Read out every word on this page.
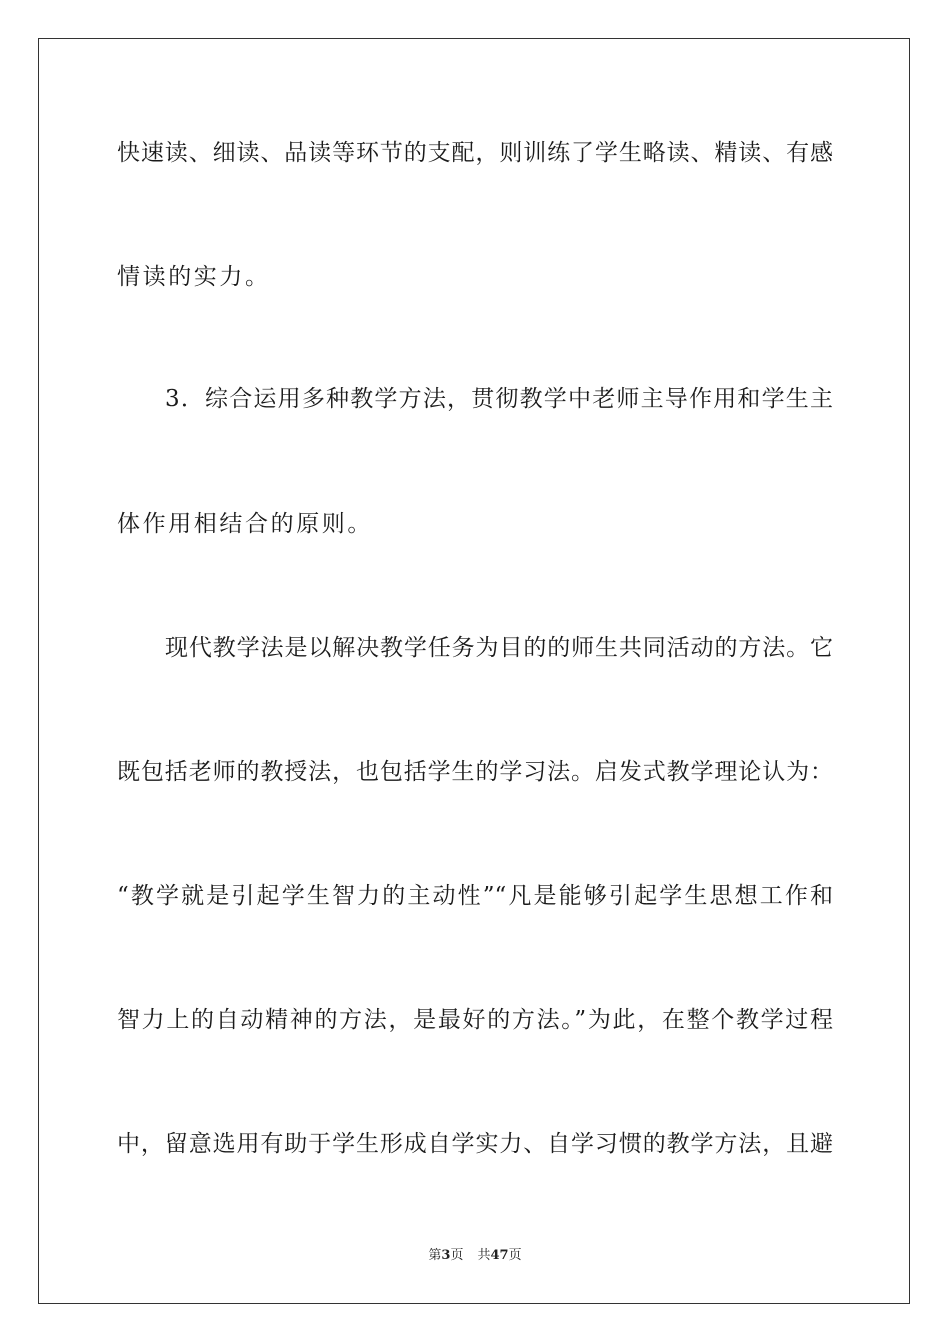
快速读、细读、品读等环节的支配，则训练了学生略读、精读、有感
情读的实力。
3．综合运用多种教学方法，贯彻教学中老师主导作用和学生主
体作用相结合的原则。
现代教学法是以解决教学任务为目的的师生共同活动的方法。它
既包括老师的教授法，也包括学生的学习法。启发式教学理论认为：
“教学就是引起学生智力的主动性”“凡是能够引起学生思想工作和
智力上的自动精神的方法，是最好的方法。”为此，在整个教学过程
中，留意选用有助于学生形成自学实力、自学习惯的教学方法，且避
第3页 共47页
